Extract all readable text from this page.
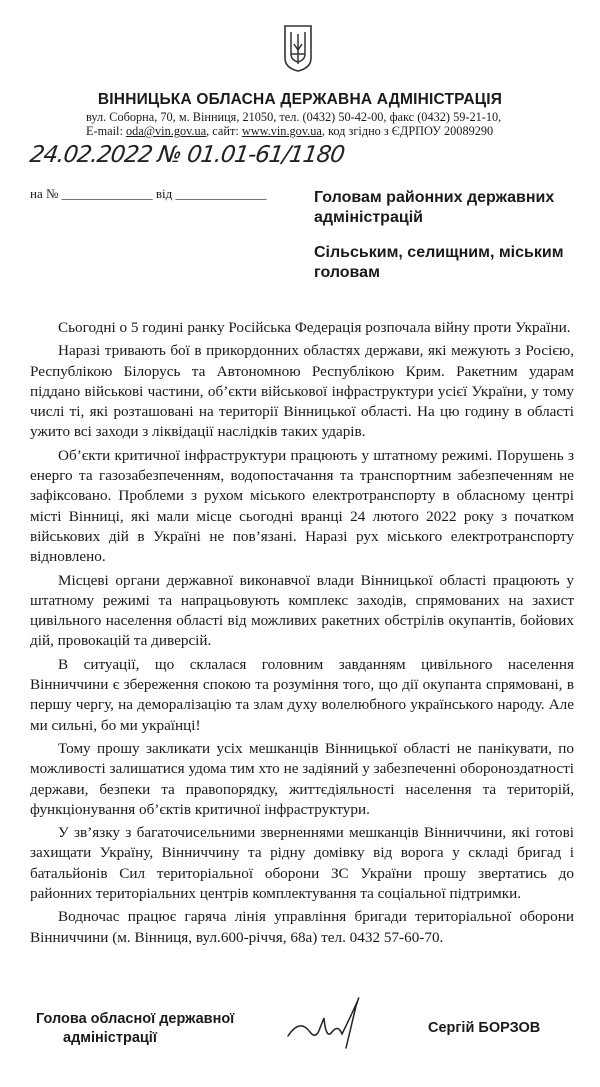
ВІННИЦЬКА ОБЛАСНА ДЕРЖАВНА АДМІНІСТРАЦІЯ
вул. Соборна, 70, м. Вінниця, 21050, тел. (0432) 50-42-00, факс (0432) 59-21-10,
E-mail: oda@vin.gov.ua, сайт: www.vin.gov.ua, код згідно з ЄДРПОУ 20089290
24.02.2022 № 01.01-61/1180
на № ______________ від ______________	Головам районних державних адміністрацій
Сільським, селищним, міським головам

Сьогодні о 5 годині ранку Російська Федерація розпочала війну проти України.

Наразі тривають бої в прикордонних областях держави, які межують з Росією, Республікою Білорусь та Автономною Республікою Крим. Ракетним ударам піддано військові частини, об’єкти військової інфраструктури усієї України, у тому числі ті, які розташовані на території Вінницької області. На цю годину в області ужито всі заходи з ліквідації наслідків таких ударів.

Об’єкти критичної інфраструктури працюють у штатному режимі. Порушень з енерго та газозабезпеченням, водопостачання та транспортним забезпеченням не зафіксовано. Проблеми з рухом міського електротранспорту в обласному центрі місті Вінниці, які мали місце сьогодні вранці 24 лютого 2022 року з початком військових дій в Україні не пов’язані. Наразі рух міського електротранспорту відновлено.

Місцеві органи державної виконавчої влади Вінницької області працюють у штатному режимі та напрацьовують комплекс заходів, спрямованих на захист цивільного населення області від можливих ракетних обстрілів окупантів, бойових дій, провокацій та диверсій.

В ситуації, що склалася головним завданням цивільного населення Вінниччини є збереження спокою та розуміння того, що дії окупанта спрямовані, в першу чергу, на деморалізацію та злам духу волелюбного українського народу. Але ми сильні, бо ми українці!

Тому прошу закликати усіх мешканців Вінницької області не панікувати, по можливості залишатися удома тим хто не задіяний у забезпеченні обороноздатності держави, безпеки та правопорядку, життєдіяльності населення та територій, функціонування об’єктів критичної інфраструктури.

У зв’язку з багаточисельними зверненнями мешканців Вінниччини, які готові захищати Україну, Вінниччину та рідну домівку від ворога у складі бригад і батальйонів Сил територіальної оборони ЗС України прошу звертатись до районних територіальних центрів комплектування та соціальної підтримки.

Водночас працює гаряча лінія управління бригади територіальної оборони Вінниччини (м. Вінниця, вул.600-річчя, 68а) тел. 0432 57-60-70.

Голова обласної державної
адміністрації
Сергій БОРЗОВ
